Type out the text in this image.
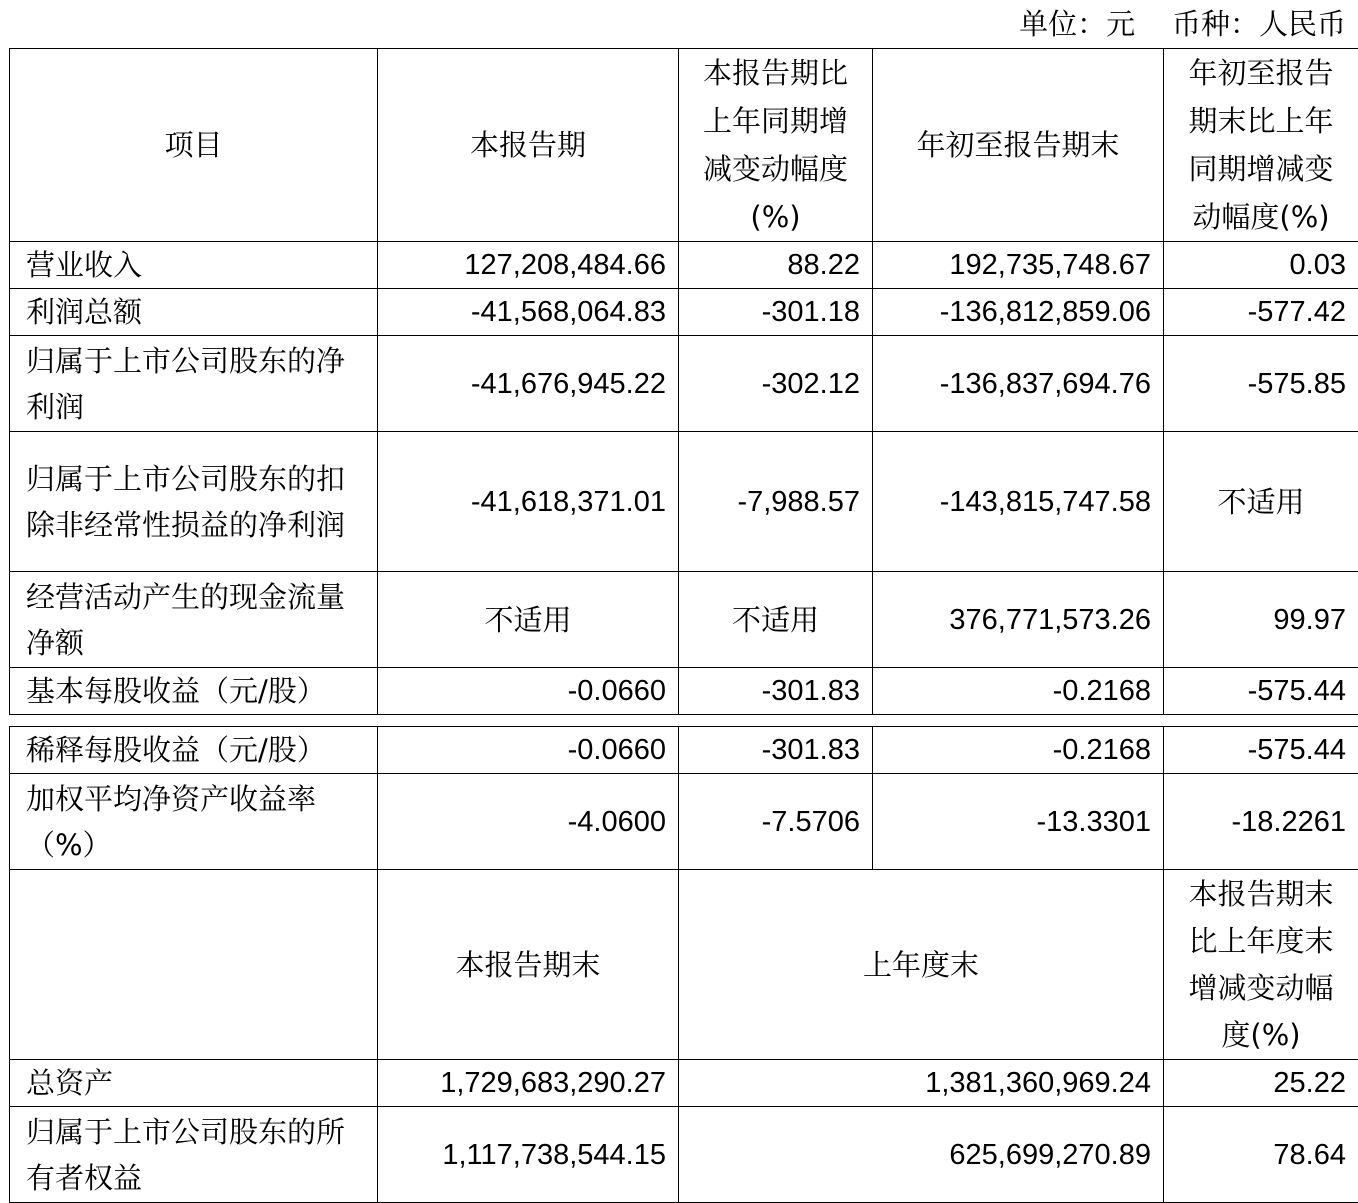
单位：元    币种：人民币
项目	本报告期	本报告期比上年同期增减变动幅度(%)	年初至报告期末	年初至报告期末比上年同期增减变动幅度(%)
营业收入	127,208,484.66	88.22	192,735,748.67	0.03
利润总额	-41,568,064.83	-301.18	-136,812,859.06	-577.42
归属于上市公司股东的净利润	-41,676,945.22	-302.12	-136,837,694.76	-575.85
归属于上市公司股东的扣除非经常性损益的净利润	-41,618,371.01	-7,988.57	-143,815,747.58	不适用
经营活动产生的现金流量净额	不适用	不适用	376,771,573.26	99.97
基本每股收益（元/股）	-0.0660	-301.83	-0.2168	-575.44
稀释每股收益（元/股）	-0.0660	-301.83	-0.2168	-575.44
加权平均净资产收益率（%）	-4.0600	-7.5706	-13.3301	-18.2261
	本报告期末	上年度末		本报告期末比上年度末增减变动幅度(%)
总资产	1,729,683,290.27	1,381,360,969.24		25.22
归属于上市公司股东的所有者权益	1,117,738,544.15	625,699,270.89		78.64
